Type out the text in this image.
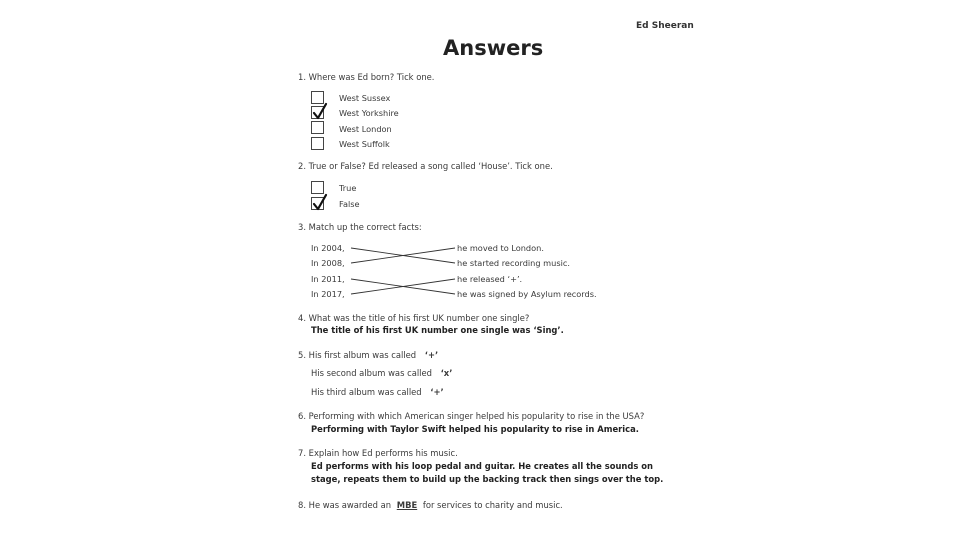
Ed Sheeran
Answers
1. Where was Ed born? Tick one.
West Sussex
West Yorkshire
West London
West Suffolk
2. True or False? Ed released a song called ‘House’. Tick one.
True
False
3. Match up the correct facts:
In 2004,
In 2008,
In 2011,
In 2017,
he moved to London.
he started recording music.
he released ‘+’.
he was signed by Asylum records.
4. What was the title of his first UK number one single?
The title of his first UK number one single was ‘Sing’.
5. His first album was called ‘+’
His second album was called ‘x’
His third album was called ‘+’
6. Performing with which American singer helped his popularity to rise in the USA?
Performing with Taylor Swift helped his popularity to rise in America.
7. Explain how Ed performs his music.
Ed performs with his loop pedal and guitar. He creates all the sounds on
stage, repeats them to build up the backing track then sings over the top.
8. He was awarded an MBE for services to charity and music.
